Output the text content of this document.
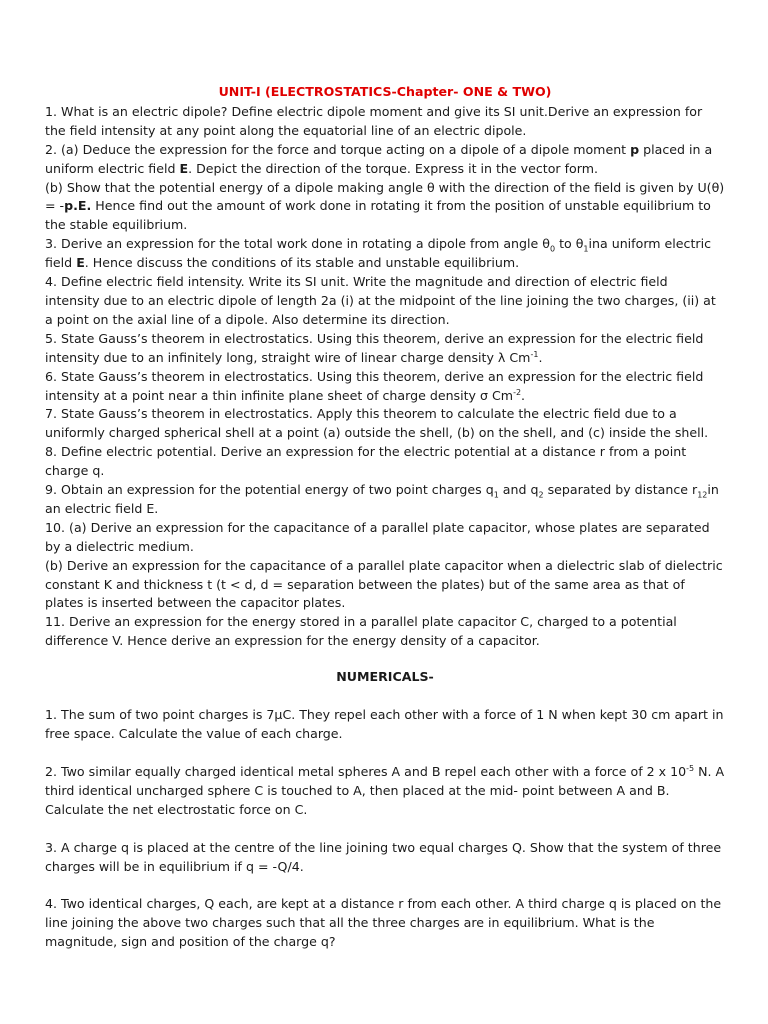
UNIT-I (ELECTROSTATICS-Chapter- ONE & TWO)

1. What is an electric dipole? Define electric dipole moment and give its SI unit.Derive an expression for the field intensity at any point along the equatorial line of an electric dipole.

2. (a) Deduce the expression for the force and torque acting on a dipole of a dipole moment p placed in a uniform electric field E. Depict the direction of the torque. Express it in the vector form.

(b) Show that the potential energy of a dipole making angle θ with the direction of the field is given by U(θ) = -p.E. Hence find out the amount of work done in rotating it from the position of unstable equilibrium to the stable equilibrium.

3. Derive an expression for the total work done in rotating a dipole from angle $\theta_0$ to $\theta_1ina$ uniform electric field E. Hence discuss the conditions of its stable and unstable equilibrium.

4. Define electric field intensity. Write its SI unit. Write the magnitude and direction of electric field intensity due to an electric dipole of length 2a (i) at the midpoint of the line joining the two charges, (ii) at a point on the axial line of a dipole. Also determine its direction.

5. State Gauss’s theorem in electrostatics. Using this theorem, derive an expression for the electric field intensity due to an infinitely long, straight wire of linear charge density λ $Cm^{-1}$.

6. State Gauss’s theorem in electrostatics. Using this theorem, derive an expression for the electric field intensity at a point near a thin infinite plane sheet of charge density σ $Cm^{-2}$.

7. State Gauss’s theorem in electrostatics. Apply this theorem to calculate the electric field due to a uniformly charged spherical shell at a point (a) outside the shell, (b) on the shell, and (c) inside the shell.

8. Define electric potential. Derive an expression for the electric potential at a distance r from a point charge q.

9. Obtain an expression for the potential energy of two point charges $q_1$ and $q_2$ separated by distance $r_{12}in$ an electric field E.

10. (a) Derive an expression for the capacitance of a parallel plate capacitor, whose plates are separated by a dielectric medium.

(b) Derive an expression for the capacitance of a parallel plate capacitor when a dielectric slab of dielectric constant K and thickness t (t < d, d = separation between the plates) but of the same area as that of plates is inserted between the capacitor plates.

11. Derive an expression for the energy stored in a parallel plate capacitor C, charged to a potential difference V. Hence derive an expression for the energy density of a capacitor.

NUMERICALS-

1. The sum of two point charges is 7μC. They repel each other with a force of 1 N when kept 30 cm apart in free space. Calculate the value of each charge.

2. Two similar equally charged identical metal spheres A and B repel each other with a force of 2 x $10^{-5}$ N. A third identical uncharged sphere C is touched to A, then placed at the mid- point between A and B. Calculate the net electrostatic force on C.

3. A charge q is placed at the centre of the line joining two equal charges Q. Show that the system of three charges will be in equilibrium if q = -Q/4.

4. Two identical charges, Q each, are kept at a distance r from each other. A third charge q is placed on the line joining the above two charges such that all the three charges are in equilibrium. What is the magnitude, sign and position of the charge q?
